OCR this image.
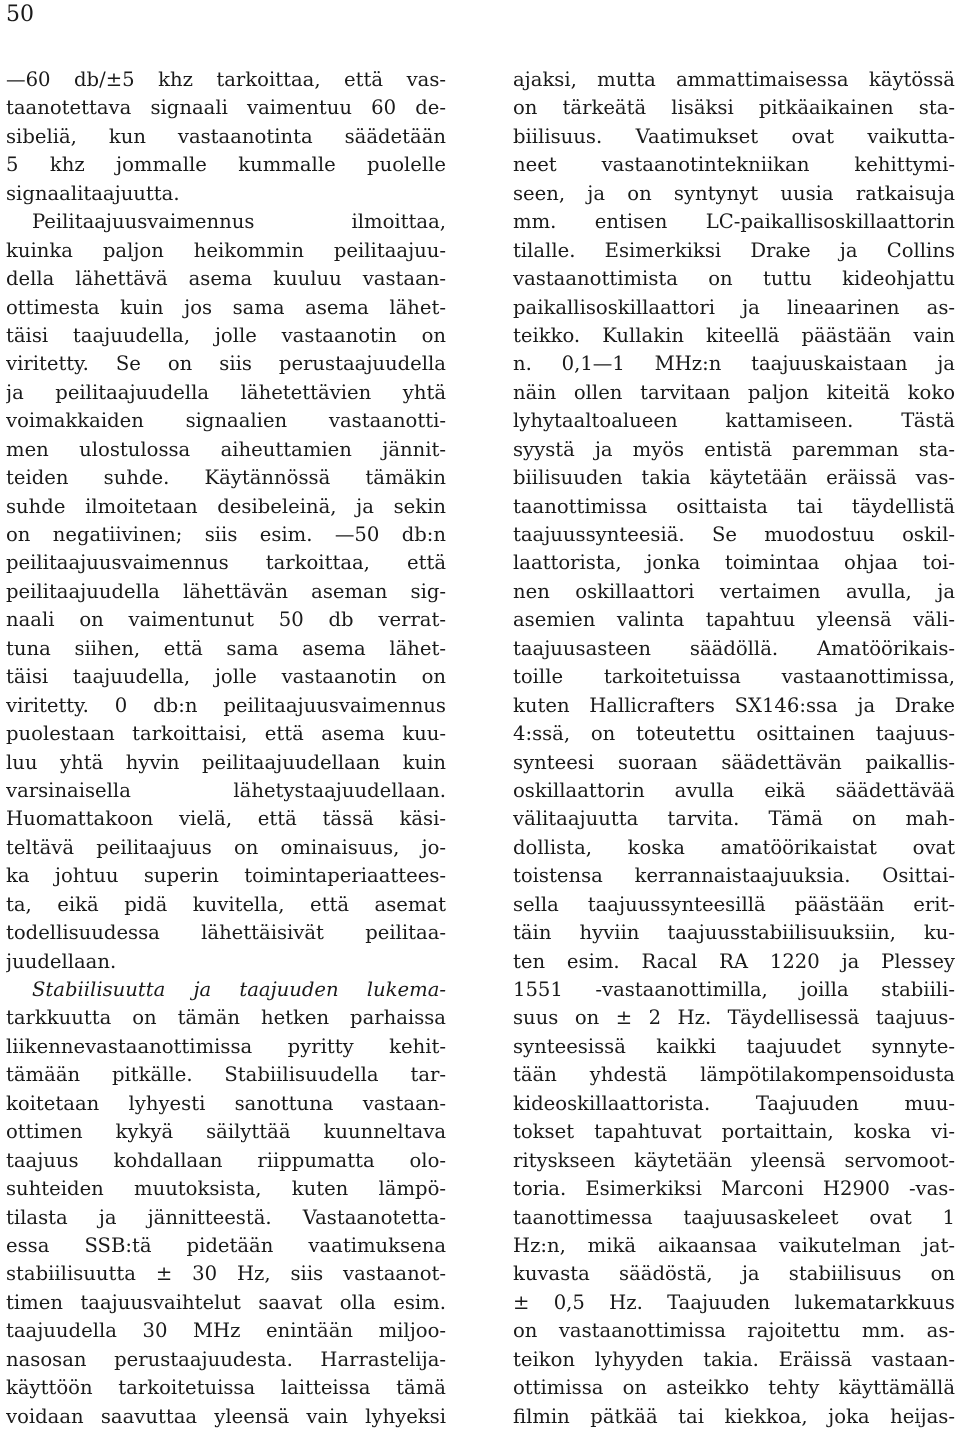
50
—60 db/±5 khz tarkoittaa, että vas-
taanotettava signaali vaimentuu 60 de-
sibeliä, kun vastaanotinta säädetään
5 khz jommalle kummalle puolelle
signaalitaajuutta.
Peilitaajuusvaimennus ilmoittaa,
kuinka paljon heikommin peilitaajuu-
della lähettävä asema kuuluu vastaan-
ottimesta kuin jos sama asema lähet-
täisi taajuudella, jolle vastaanotin on
viritetty. Se on siis perustaajuudella
ja peilitaajuudella lähetettävien yhtä
voimakkaiden signaalien vastaanotti-
men ulostulossa aiheuttamien jännit-
teiden suhde. Käytännössä tämäkin
suhde ilmoitetaan desibeleinä, ja sekin
on negatiivinen; siis esim. —50 db:n
peilitaajuusvaimennus tarkoittaa, että
peilitaajuudella lähettävän aseman sig-
naali on vaimentunut 50 db verrat-
tuna siihen, että sama asema lähet-
täisi taajuudella, jolle vastaanotin on
viritetty. 0 db:n peilitaajuusvaimennus
puolestaan tarkoittaisi, että asema kuu-
luu yhtä hyvin peilitaajuudellaan kuin
varsinaisella lähetystaajuudellaan.
Huomattakoon vielä, että tässä käsi-
teltävä peilitaajuus on ominaisuus, jo-
ka johtuu superin toimintaperiaattees-
ta, eikä pidä kuvitella, että asemat
todellisuudessa lähettäisivät peilitaa-
juudellaan.
Stabiilisuutta ja taajuuden lukema-
tarkkuutta on tämän hetken parhaissa
liikennevastaanottimissa pyritty kehit-
tämään pitkälle. Stabiilisuudella tar-
koitetaan lyhyesti sanottuna vastaan-
ottimen kykyä säilyttää kuunneltava
taajuus kohdallaan riippumatta olo-
suhteiden muutoksista, kuten lämpö-
tilasta ja jännitteestä. Vastaanotetta-
essa SSB:tä pidetään vaatimuksena
stabiilisuutta ± 30 Hz, siis vastaanot-
timen taajuusvaihtelut saavat olla esim.
taajuudella 30 MHz enintään miljoo-
nasosan perustaajuudesta. Harrastelija-
käyttöön tarkoitetuissa laitteissa tämä
voidaan saavuttaa yleensä vain lyhyeksi
ajaksi, mutta ammattimaisessa käytössä
on tärkeätä lisäksi pitkäaikainen sta-
biilisuus. Vaatimukset ovat vaikutta-
neet vastaanotintekniikan kehittymi-
seen, ja on syntynyt uusia ratkaisuja
mm. entisen LC-paikallisoskillaattorin
tilalle. Esimerkiksi Drake ja Collins
vastaanottimista on tuttu kideohjattu
paikallisoskillaattori ja lineaarinen as-
teikko. Kullakin kiteellä päästään vain
n. 0,1—1 MHz:n taajuuskaistaan ja
näin ollen tarvitaan paljon kiteitä koko
lyhytaaltoalueen kattamiseen. Tästä
syystä ja myös entistä paremman sta-
biilisuuden takia käytetään eräissä vas-
taanottimissa osittaista tai täydellistä
taajuussynteesiä. Se muodostuu oskil-
laattorista, jonka toimintaa ohjaa toi-
nen oskillaattori vertaimen avulla, ja
asemien valinta tapahtuu yleensä väli-
taajuusasteen säädöllä. Amatöörikais-
toille tarkoitetuissa vastaanottimissa,
kuten Hallicrafters SX146:ssa ja Drake
4:ssä, on toteutettu osittainen taajuus-
synteesi suoraan säädettävän paikallis-
oskillaattorin avulla eikä säädettävää
välitaajuutta tarvita. Tämä on mah-
dollista, koska amatöörikaistat ovat
toistensa kerrannaistaajuuksia. Osittai-
sella taajuussynteesillä päästään erit-
täin hyviin taajuusstabiilisuuksiin, ku-
ten esim. Racal RA 1220 ja Plessey
1551 -vastaanottimilla, joilla stabiili-
suus on ± 2 Hz. Täydellisessä taajuus-
synteesissä kaikki taajuudet synnyte-
tään yhdestä lämpötilakompensoidusta
kideoskillaattorista. Taajuuden muu-
tokset tapahtuvat portaittain, koska vi-
rityskseen käytetään yleensä servomoot-
toria. Esimerkiksi Marconi H2900 -vas-
taanottimessa taajuusaskeleet ovat 1
Hz:n, mikä aikaansaa vaikutelman jat-
kuvasta säädöstä, ja stabiilisuus on
± 0,5 Hz. Taajuuden lukematarkkuus
on vastaanottimissa rajoitettu mm. as-
teikon lyhyyden takia. Eräissä vastaan-
ottimissa on asteikko tehty käyttämällä
filmin pätkää tai kiekkoa, joka heijas-
